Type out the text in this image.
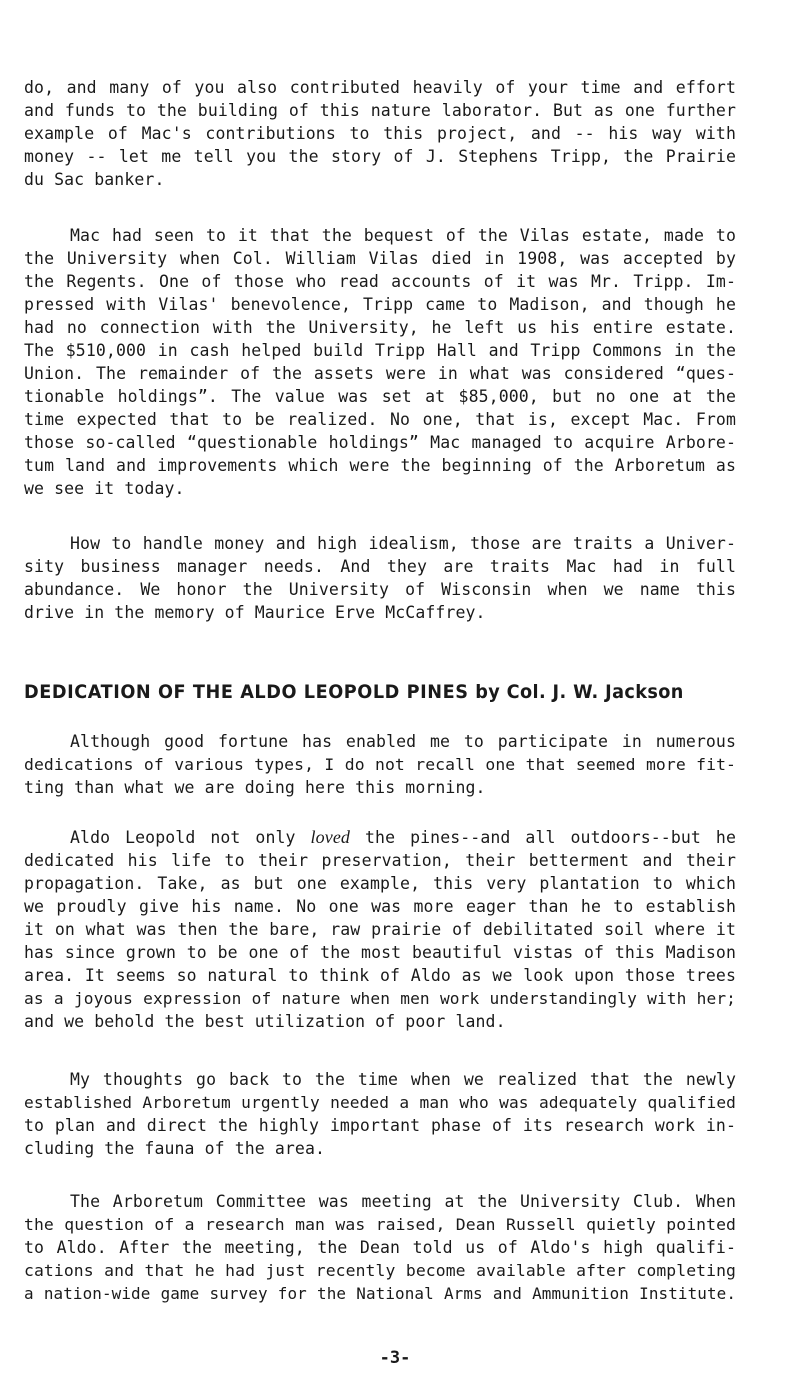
do, and many of you also contributed heavily of your time and effort
and funds to the building of this nature laborator. But as one further
example of Mac's contributions to this project, and -- his way with
money -- let me tell you the story of J. Stephens Tripp, the Prairie
du Sac banker.

Mac had seen to it that the bequest of the Vilas estate, made to
the University when Col. William Vilas died in 1908, was accepted by
the Regents. One of those who read accounts of it was Mr. Tripp. Im-
pressed with Vilas' benevolence, Tripp came to Madison, and though he
had no connection with the University, he left us his entire estate.
The $510,000 in cash helped build Tripp Hall and Tripp Commons in the
Union. The remainder of the assets were in what was considered “ques-
tionable holdings”. The value was set at $85,000, but no one at the
time expected that to be realized. No one, that is, except Mac. From
those so-called “questionable holdings” Mac managed to acquire Arbore-
tum land and improvements which were the beginning of the Arboretum as
we see it today.

How to handle money and high idealism, those are traits a Univer-
sity business manager needs. And they are traits Mac had in full
abundance. We honor the University of Wisconsin when we name this
drive in the memory of Maurice Erve McCaffrey.

DEDICATION OF THE ALDO LEOPOLD PINES by Col. J. W. Jackson

Although good fortune has enabled me to participate in numerous
dedications of various types, I do not recall one that seemed more fit-
ting than what we are doing here this morning.

Aldo Leopold not only loved the pines--and all outdoors--but he
dedicated his life to their preservation, their betterment and their
propagation. Take, as but one example, this very plantation to which
we proudly give his name. No one was more eager than he to establish
it on what was then the bare, raw prairie of debilitated soil where it
has since grown to be one of the most beautiful vistas of this Madison
area. It seems so natural to think of Aldo as we look upon those trees
as a joyous expression of nature when men work understandingly with her;
and we behold the best utilization of poor land.

My thoughts go back to the time when we realized that the newly
established Arboretum urgently needed a man who was adequately qualified
to plan and direct the highly important phase of its research work in-
cluding the fauna of the area.

The Arboretum Committee was meeting at the University Club. When
the question of a research man was raised, Dean Russell quietly pointed
to Aldo. After the meeting, the Dean told us of Aldo's high qualifi-
cations and that he had just recently become available after completing
a nation-wide game survey for the National Arms and Ammunition Institute.

-3-
